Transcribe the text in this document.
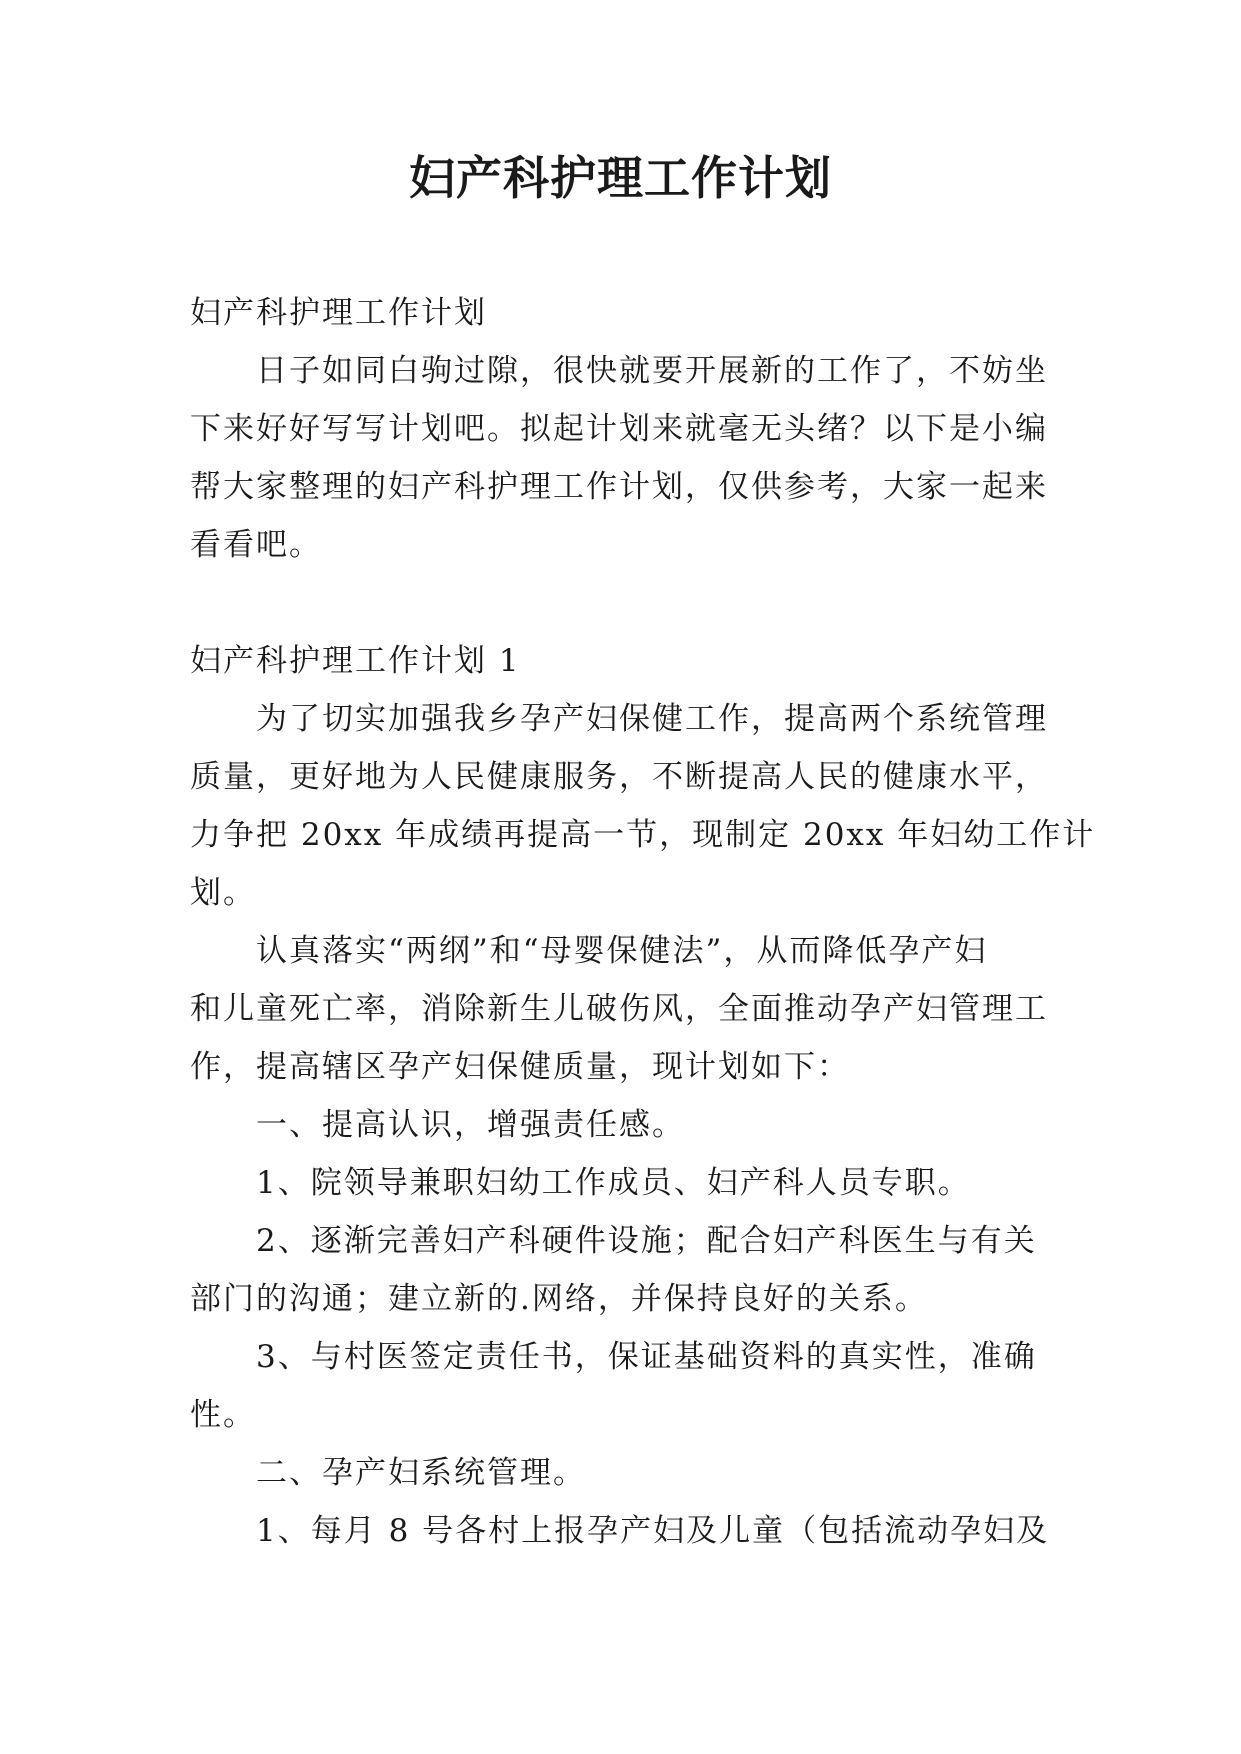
妇产科护理工作计划
妇产科护理工作计划
日子如同白驹过隙，很快就要开展新的工作了，不妨坐
下来好好写写计划吧。拟起计划来就毫无头绪？以下是小编
帮大家整理的妇产科护理工作计划，仅供参考，大家一起来
看看吧。
妇产科护理工作计划 1
为了切实加强我乡孕产妇保健工作，提高两个系统管理
质量，更好地为人民健康服务，不断提高人民的健康水平，
力争把 20xx 年成绩再提高一节，现制定 20xx 年妇幼工作计
划。
认真落实“两纲”和“母婴保健法”，从而降低孕产妇
和儿童死亡率，消除新生儿破伤风，全面推动孕产妇管理工
作，提高辖区孕产妇保健质量，现计划如下：
一、提高认识，增强责任感。
1、院领导兼职妇幼工作成员、妇产科人员专职。
2、逐渐完善妇产科硬件设施；配合妇产科医生与有关
部门的沟通；建立新的.网络，并保持良好的关系。
3、与村医签定责任书，保证基础资料的真实性，准确
性。
二、孕产妇系统管理。
1、每月 8 号各村上报孕产妇及儿童（包括流动孕妇及
